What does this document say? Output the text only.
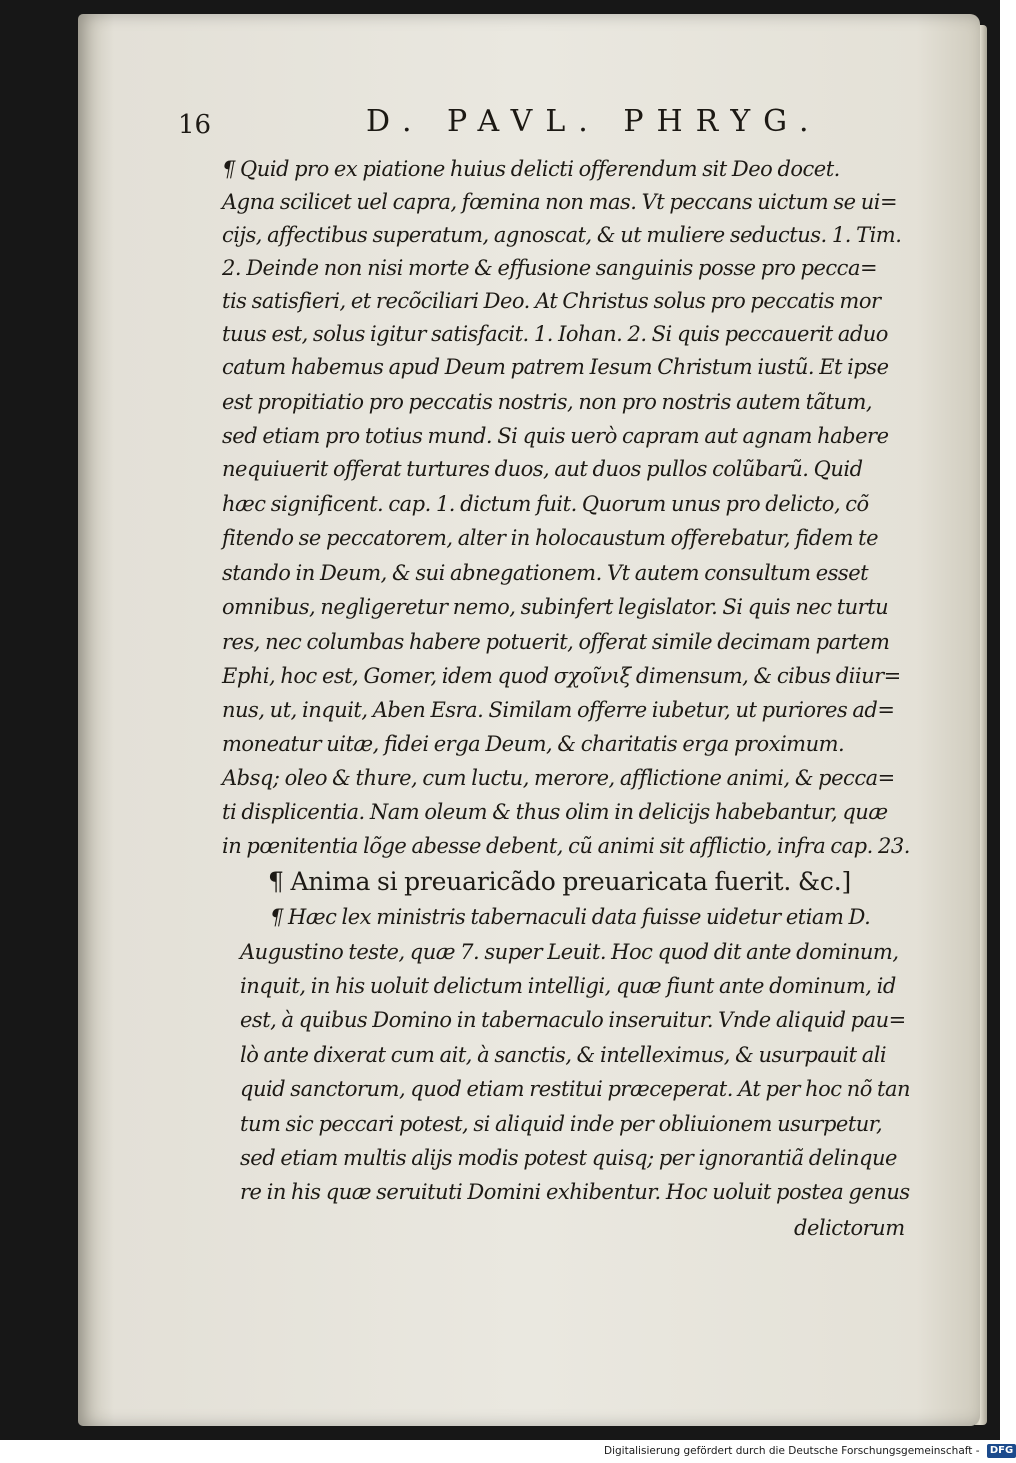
16	D. PAVL. PHRYG.
¶ Quid pro ex piatione huius delicti offerendum sit Deo docet.
Agna scilicet uel capra, fœmina non mas. Vt peccans uictum se ui=
cijs, affectibus superatum, agnoscat, & ut muliere seductus. 1. Tim.
2. Deinde non nisi morte & effusione sanguinis posse pro pecca=
tis satisfieri, et recõciliari Deo. At Christus solus pro peccatis mor
tuus est, solus igitur satisfacit. 1. Iohan. 2. Si quis peccauerit aduo
catum habemus apud Deum patrem Iesum Christum iustũ. Et ipse
est propitiatio pro peccatis nostris, non pro nostris autem tãtum,
sed etiam pro totius mund. Si quis uerò capram aut agnam habere
nequiuerit offerat turtures duos, aut duos pullos colũbarũ. Quid
hæc significent. cap. 1. dictum fuit. Quorum unus pro delicto, cõ
fitendo se peccatorem, alter in holocaustum offerebatur, fidem te
stando in Deum, & sui abnegationem. Vt autem consultum esset
omnibus, negligeretur nemo, subinfert legislator. Si quis nec turtu
res, nec columbas habere potuerit, offerat simile decimam partem
Ephi, hoc est, Gomer, idem quod σχοῖνιξ dimensum, & cibus diiur=
nus, ut, inquit, Aben Esra. Similam offerre iubetur, ut puriores ad=
moneatur uitæ, fidei erga Deum, & charitatis erga proximum.
Absq; oleo & thure, cum luctu, merore, afflictione animi, & pecca=
ti displicentia. Nam oleum & thus olim in delicijs habebantur, quæ
in pœnitentia lõge abesse debent, cũ animi sit afflictio, infra cap. 23.
¶ Anima si preuaricãdo preuaricata fuerit. &c.]
¶ Hæc lex ministris tabernaculi data fuisse uidetur etiam D.
Augustino teste, quæ 7. super Leuit. Hoc quod dit ante dominum,
inquit, in his uoluit delictum intelligi, quæ fiunt ante dominum, id
est, à quibus Domino in tabernaculo inseruitur. Vnde aliquid pau=
lò ante dixerat cum ait, à sanctis, & intelleximus, & usurpauit ali
quid sanctorum, quod etiam restitui præceperat. At per hoc nõ tan
tum sic peccari potest, si aliquid inde per obliuionem usurpetur,
sed etiam multis alijs modis potest quisq; per ignorantiã delinque
re in his quæ seruituti Domini exhibentur. Hoc uoluit postea genus
delictorum
Digitalisierung gefördert durch die Deutsche Forschungsgemeinschaft - DFG
